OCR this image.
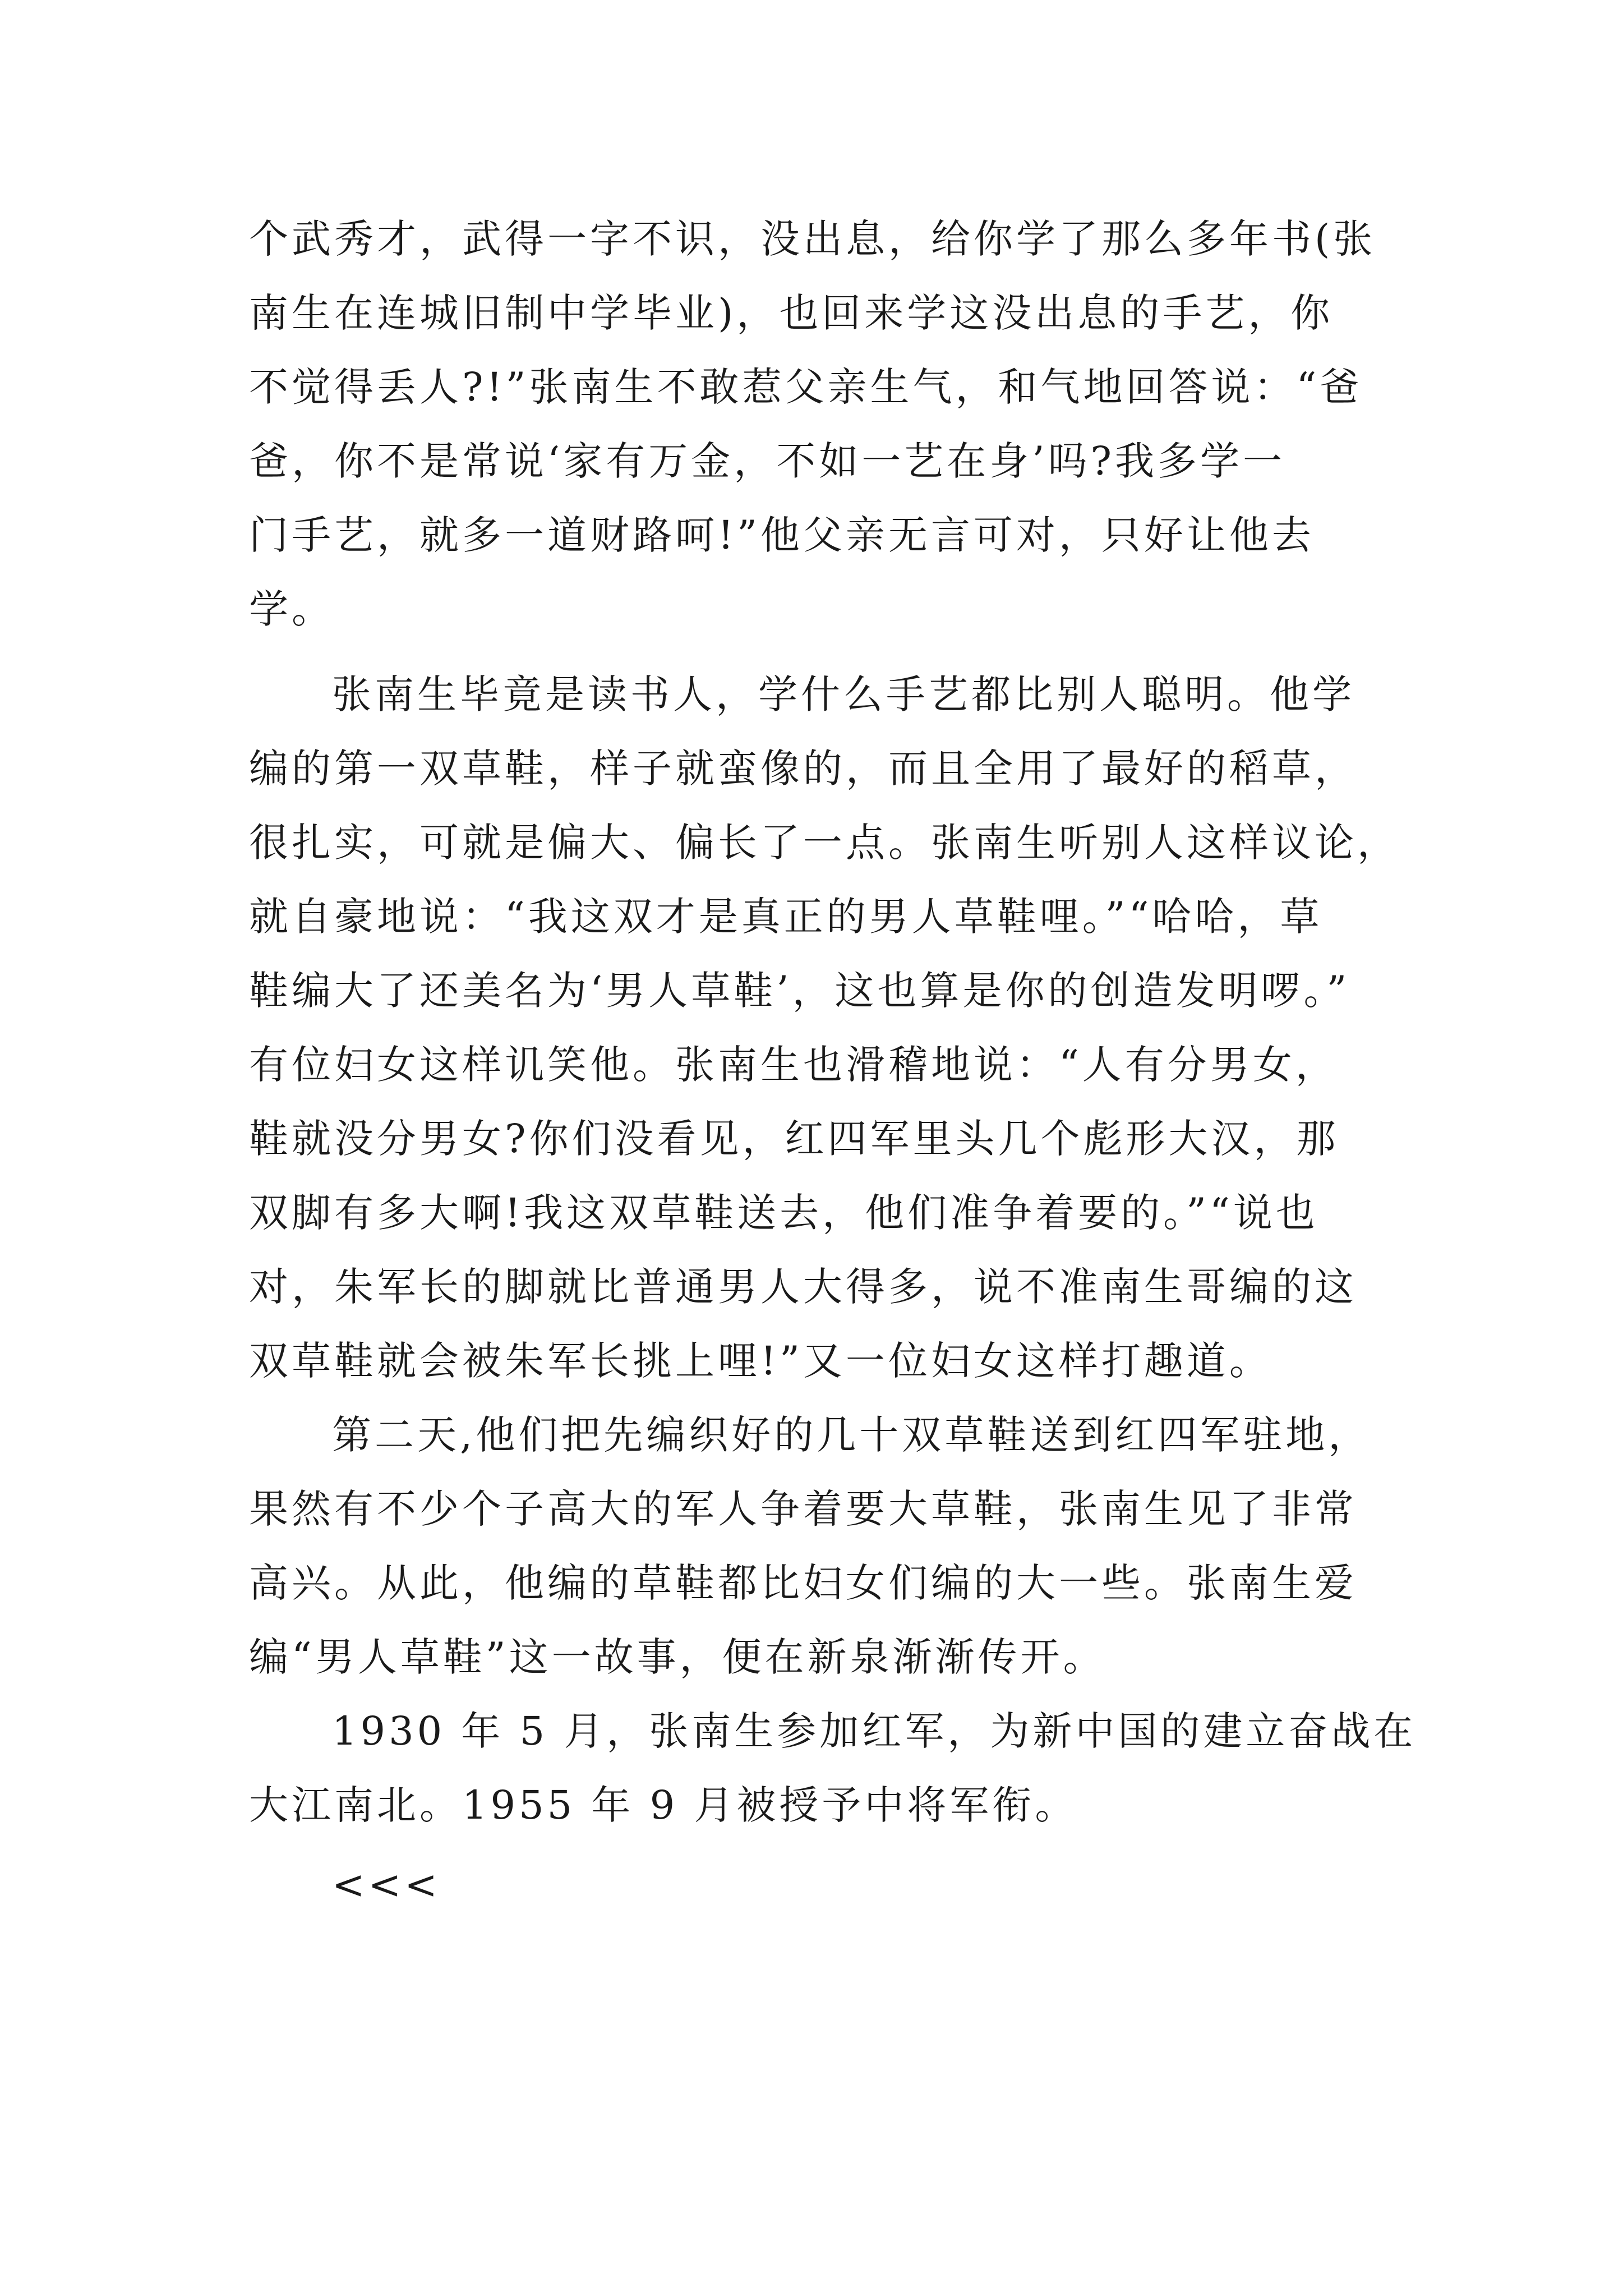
个武秀才，武得一字不识，没出息，给你学了那么多年书(张
南生在连城旧制中学毕业)，也回来学这没出息的手艺，你
不觉得丢人?!”张南生不敢惹父亲生气，和气地回答说：“爸
爸，你不是常说‘家有万金，不如一艺在身’吗?我多学一
门手艺，就多一道财路呵!”他父亲无言可对，只好让他去
学。
张南生毕竟是读书人，学什么手艺都比别人聪明。他学
编的第一双草鞋，样子就蛮像的，而且全用了最好的稻草，
很扎实，可就是偏大、偏长了一点。张南生听别人这样议论，
就自豪地说：“我这双才是真正的男人草鞋哩。”“哈哈，草
鞋编大了还美名为‘男人草鞋’，这也算是你的创造发明啰。”
有位妇女这样讥笑他。张南生也滑稽地说：“人有分男女，
鞋就没分男女?你们没看见，红四军里头几个彪形大汉，那
双脚有多大啊!我这双草鞋送去，他们准争着要的。”“说也
对，朱军长的脚就比普通男人大得多，说不准南生哥编的这
双草鞋就会被朱军长挑上哩!”又一位妇女这样打趣道。
第二天,他们把先编织好的几十双草鞋送到红四军驻地，
果然有不少个子高大的军人争着要大草鞋，张南生见了非常
高兴。从此，他编的草鞋都比妇女们编的大一些。张南生爱
编“男人草鞋”这一故事，便在新泉渐渐传开。
1930 年 5 月，张南生参加红军，为新中国的建立奋战在
大江南北。1955 年 9 月被授予中将军衔。
<<<
